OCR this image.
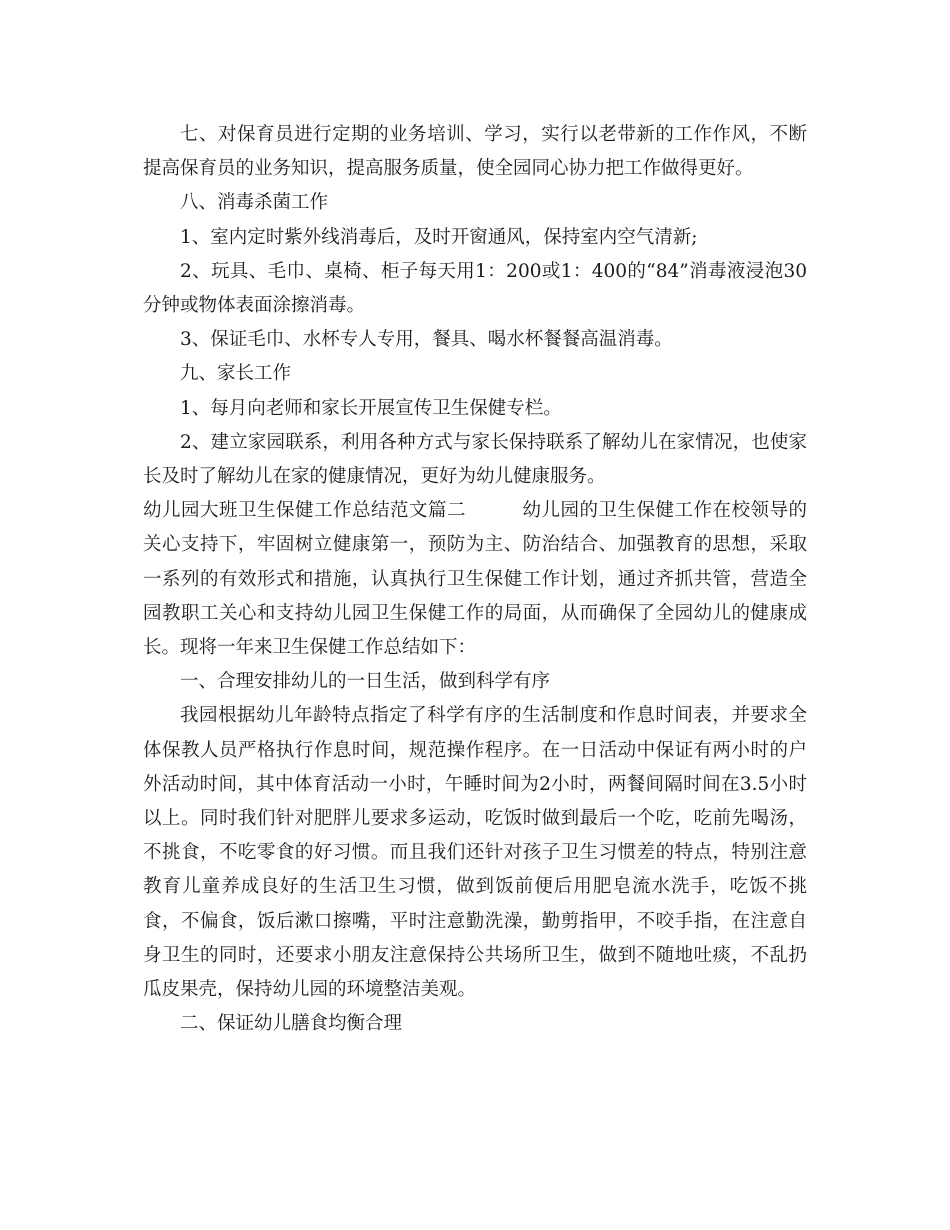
七、对保育员进行定期的业务培训、学习，实行以老带新的工作作风，不断提高保育员的业务知识，提高服务质量，使全园同心协力把工作做得更好。

八、消毒杀菌工作

1、室内定时紫外线消毒后，及时开窗通风，保持室内空气清新;

2、玩具、毛巾、桌椅、柜子每天用1：200或1：400的“84”消毒液浸泡30分钟或物体表面涂擦消毒。

3、保证毛巾、水杯专人专用，餐具、喝水杯餐餐高温消毒。

九、家长工作

1、每月向老师和家长开展宣传卫生保健专栏。

2、建立家园联系，利用各种方式与家长保持联系了解幼儿在家情况，也使家长及时了解幼儿在家的健康情况，更好为幼儿健康服务。

幼儿园大班卫生保健工作总结范文篇二	幼儿园的卫生保健工作在校领导的关心支持下，牢固树立健康第一，预防为主、防治结合、加强教育的思想，采取一系列的有效形式和措施，认真执行卫生保健工作计划，通过齐抓共管，营造全园教职工关心和支持幼儿园卫生保健工作的局面，从而确保了全园幼儿的健康成长。现将一年来卫生保健工作总结如下：

一、合理安排幼儿的一日生活，做到科学有序

我园根据幼儿年龄特点指定了科学有序的生活制度和作息时间表，并要求全体保教人员严格执行作息时间，规范操作程序。在一日活动中保证有两小时的户外活动时间，其中体育活动一小时，午睡时间为2小时，两餐间隔时间在3.5小时以上。同时我们针对肥胖儿要求多运动，吃饭时做到最后一个吃，吃前先喝汤，不挑食，不吃零食的好习惯。而且我们还针对孩子卫生习惯差的特点，特别注意教育儿童养成良好的生活卫生习惯，做到饭前便后用肥皂流水洗手，吃饭不挑食，不偏食，饭后漱口擦嘴，平时注意勤洗澡，勤剪指甲，不咬手指，在注意自身卫生的同时，还要求小朋友注意保持公共场所卫生，做到不随地吐痰，不乱扔瓜皮果壳，保持幼儿园的环境整洁美观。

二、保证幼儿膳食均衡合理
